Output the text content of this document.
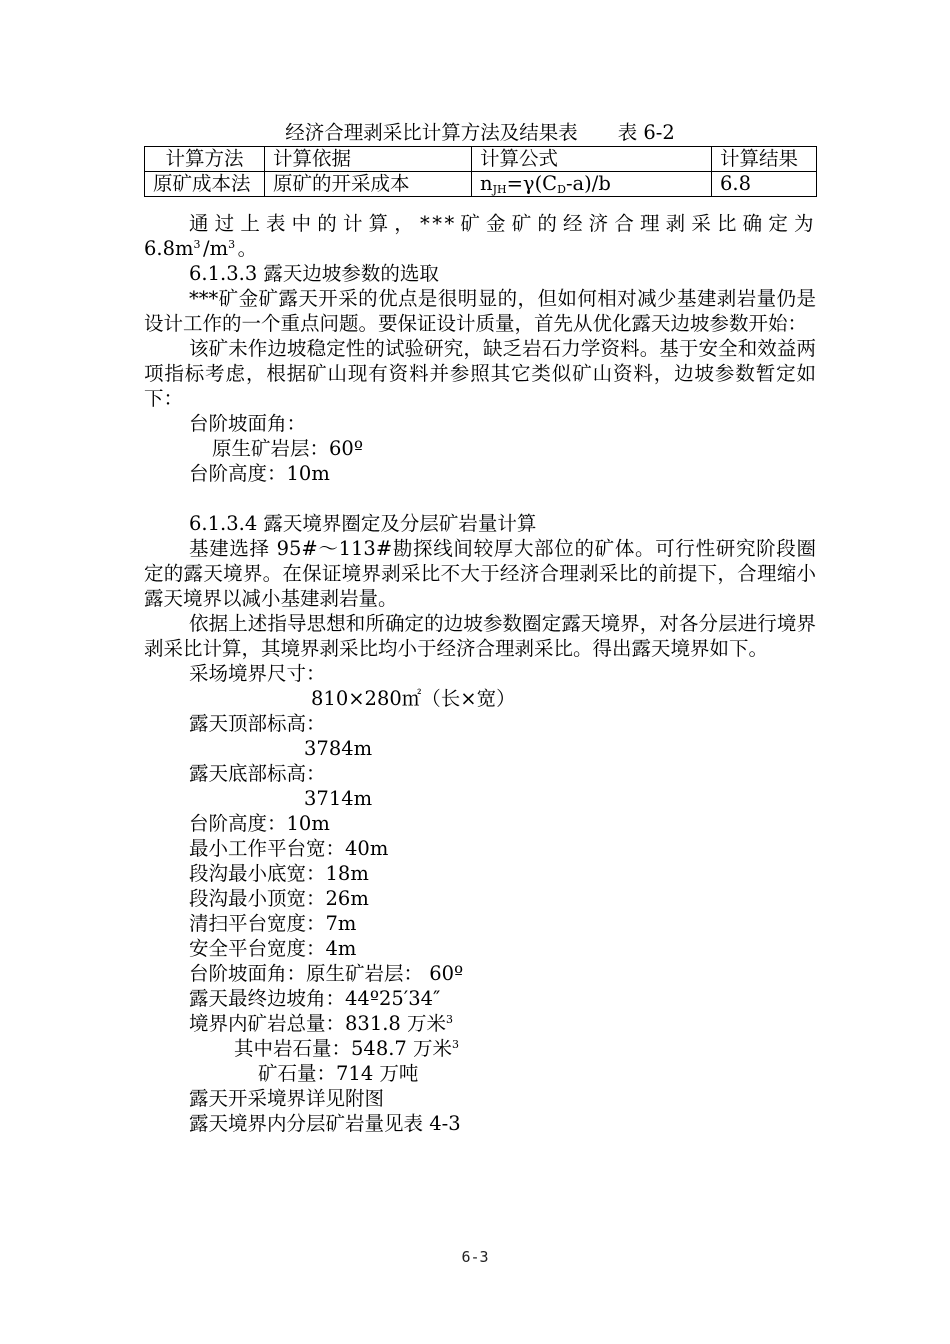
经济合理剥采比计算方法及结果表 表 6-2
计算方法	计算依据	计算公式	计算结果
原矿成本法	原矿的开采成本	$n_{JH}=\gamma(C_D-a)/b$	6.8

通过上表中的计算，***矿金矿的经济合理剥采比确定为$6.8m^3/m^3$。

6.1.3.3 露天边坡参数的选取

***矿金矿露天开采的优点是很明显的，但如何相对减少基建剥岩量仍是设计工作的一个重点问题。要保证设计质量，首先从优化露天边坡参数开始：

该矿未作边坡稳定性的试验研究，缺乏岩石力学资料。基于安全和效益两项指标考虑，根据矿山现有资料并参照其它类似矿山资料，边坡参数暂定如下：

台阶坡面角：

原生矿岩层：60º

台阶高度：10m

6.1.3.4 露天境界圈定及分层矿岩量计算

基建选择 95#～113#勘探线间较厚大部位的矿体。可行性研究阶段圈定的露天境界。在保证境界剥采比不大于经济合理剥采比的前提下，合理缩小露天境界以减小基建剥岩量。

依据上述指导思想和所确定的边坡参数圈定露天境界，对各分层进行境界剥采比计算，其境界剥采比均小于经济合理剥采比。得出露天境界如下。

采场境界尺寸：

810×280㎡（长×宽）

露天顶部标高：

3784m

露天底部标高：

3714m

台阶高度：10m

最小工作平台宽：40m

段沟最小底宽：18m

段沟最小顶宽：26m

清扫平台宽度：7m

安全平台宽度：4m

台阶坡面角：原生矿岩层： 60º

露天最终边坡角：44º25′34″

境界内矿岩总量：831.8 万米$^3$

其中岩石量：548.7 万米$^3$

矿石量：714 万吨

露天开采境界详见附图

露天境界内分层矿岩量见表 4-3

6-3
